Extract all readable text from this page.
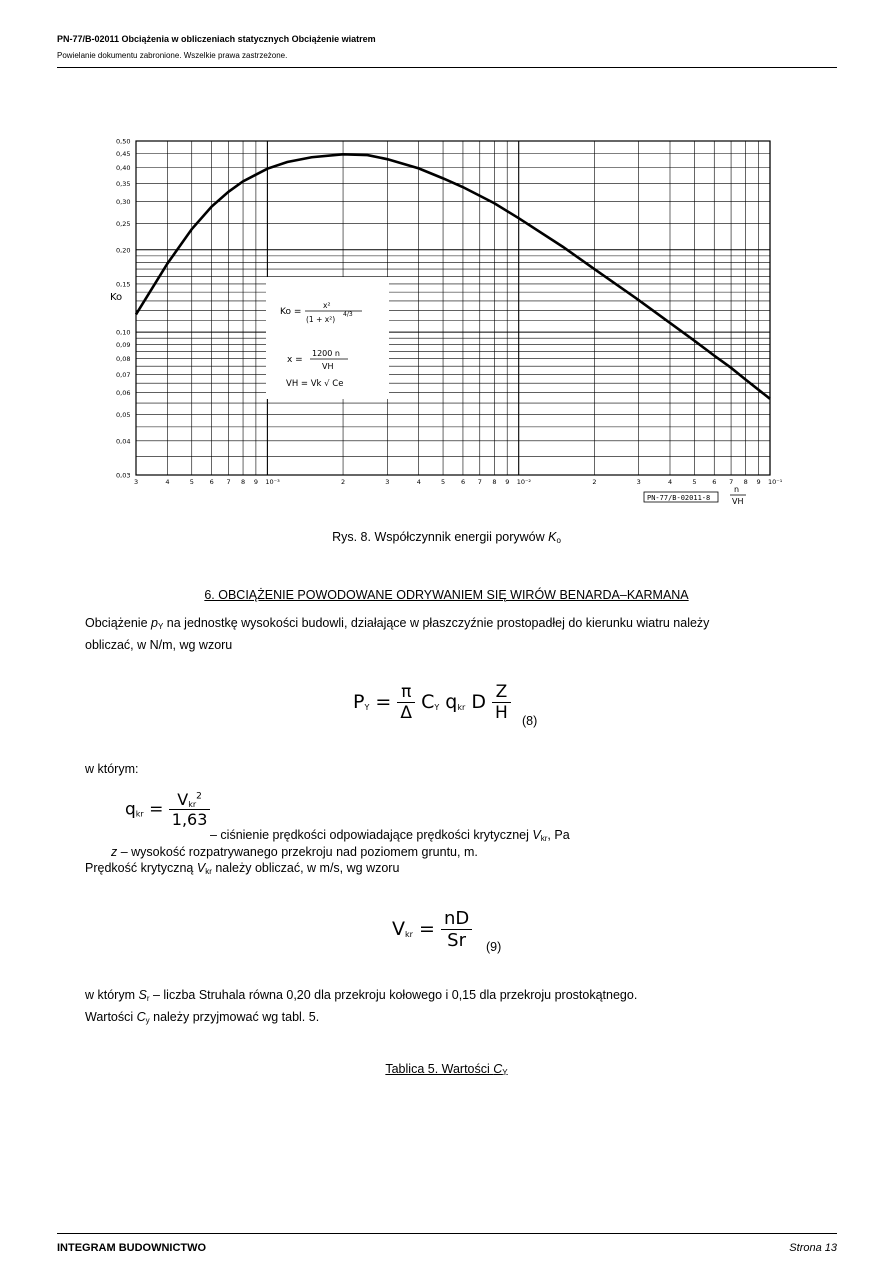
PN-77/B-02011 Obciążenia w obliczeniach statycznych Obciążenie wiatrem
Powielanie dokumentu zabronione. Wszelkie prawa zastrzeżone.
0,50
0,45
0,40
0,35
0,30
0,25
0,20
0,15
0,10
0,09
0,08
0,07
0,06
0,05
0,04
0,03
3	4	5 6 7 8 9 10⁻³	2	3	4	5 6 7 8 9 10⁻²	2	3	4	5 6 7 8 9 10⁻¹
Ko
Ko =
x²
(1 + x²)
4/3
x =
1200 n
VH
VH = Vk √ Ce
PN-77/B-02011-8
n
VH
Rys. 8. Współczynnik energii porywów $K_o$
6. OBCIĄŻENIE POWODOWANE ODRYWANIEM SIĘ WIRÓW BENARDA–KARMANA
Obciążenie $p_Y$ na jednostkę wysokości budowli, działające w płaszczyźnie prostopadłej do kierunku wiatru należy
obliczać, w N/m, wg wzoru
$P_Y = \frac{\pi}{\Delta} C_Y$ $q_{kr}$ D $\frac{Z}{H} (8)$
w którym:
$q_{kr} = \frac{V_{kr}^2}{1,63}$
– ciśnienie prędkości odpowiadające prędkości krytycznej $V_{kr}$, Pa
z – wysokość rozpatrywanego przekroju nad poziomem gruntu, m.
Prędkość krytyczną $V_{kr}$ należy obliczać, w m/s, wg wzoru
$V_{kr} = \frac{nD}{Sr} (9)$
w którym $S_r$ – liczba Struhala równa 0,20 dla przekroju kołowego i 0,15 dla przekroju prostokątnego.
Wartości $C_y$ należy przyjmować wg tabl. 5.
Tablica 5. Wartości $C_Y$
INTEGRAM BUDOWNICTWO	Strona 13
